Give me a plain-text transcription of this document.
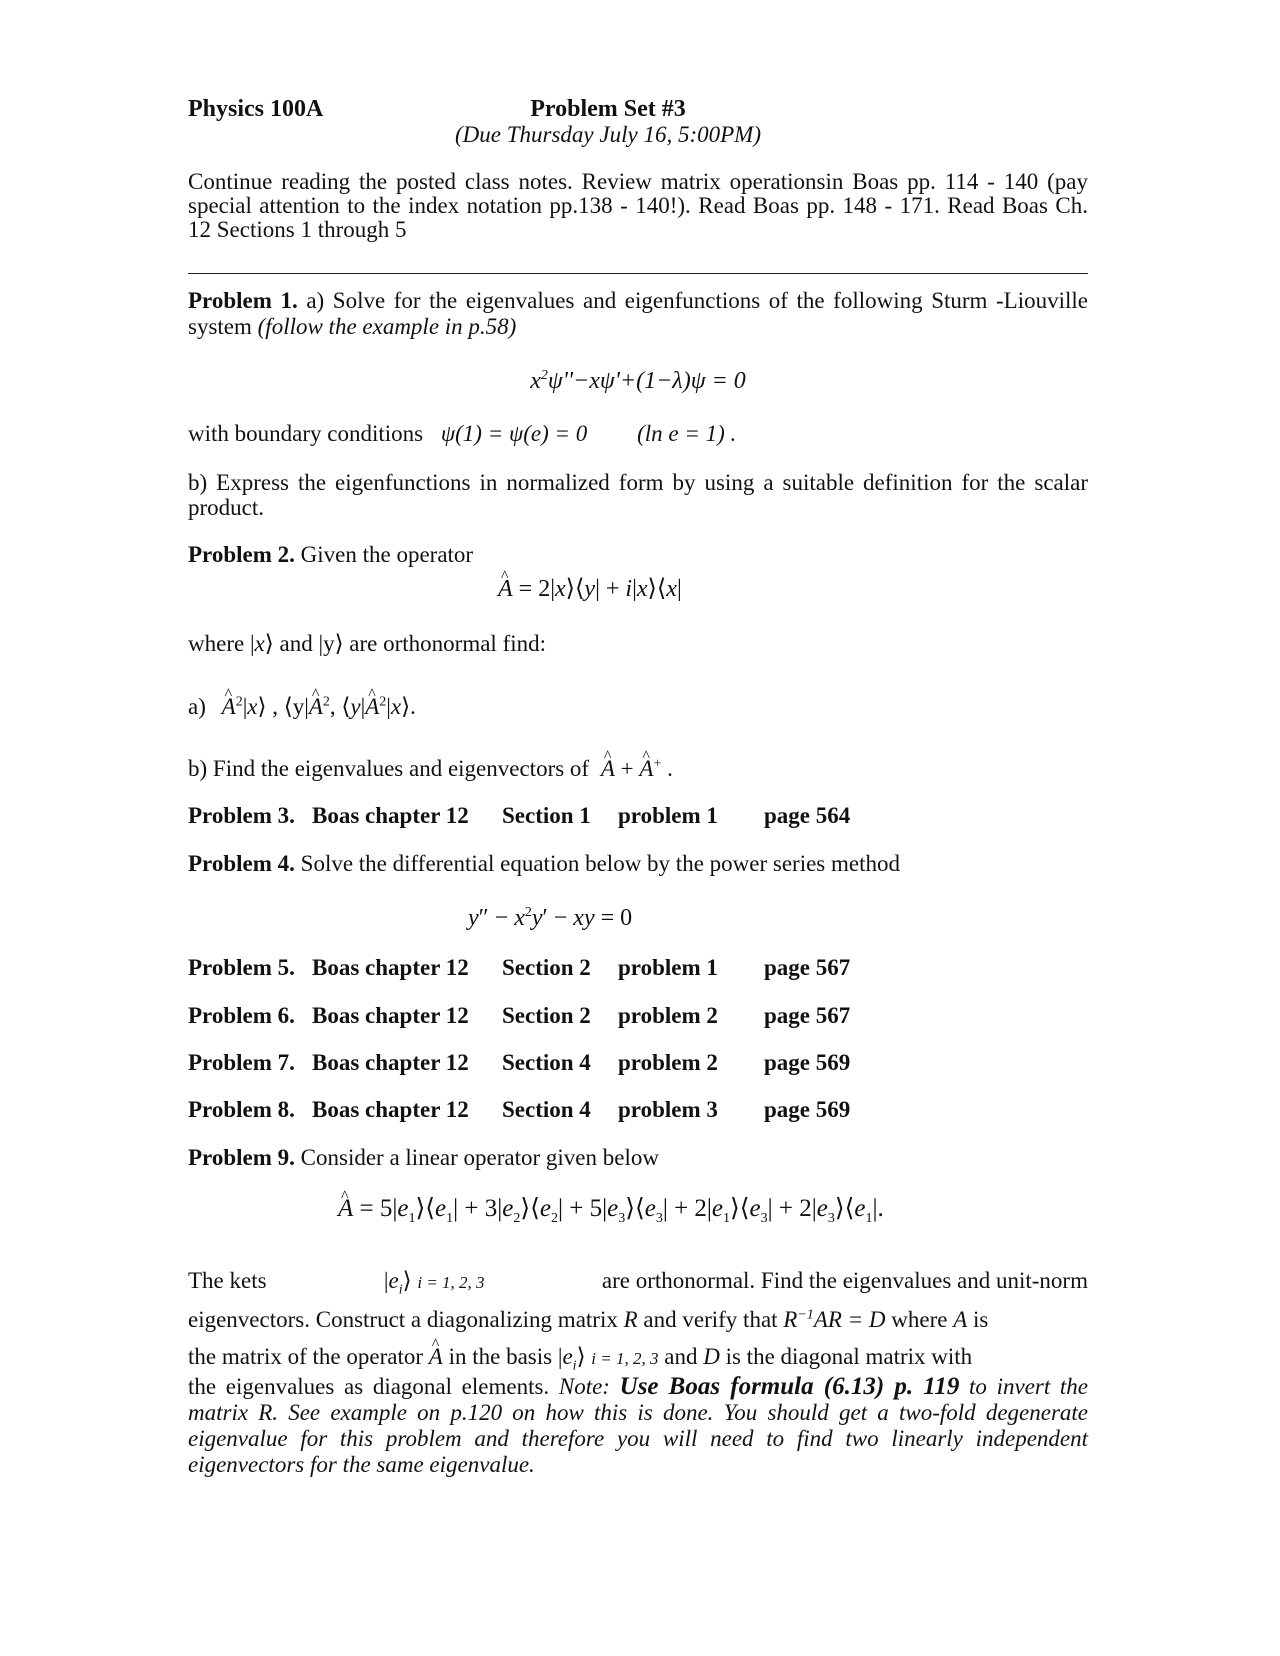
Physics 100A	Problem Set #3
(Due Thursday July 16, 5:00PM)
Continue reading the posted class notes. Review matrix operationsin Boas pp. 114 - 140 (pay special attention to the index notation pp.138 - 140!). Read Boas pp. 148 - 171. Read Boas Ch. 12 Sections 1 through 5
Problem 1. a) Solve for the eigenvalues and eigenfunctions of the following Sturm -Liouville system (follow the example in p.58)
$x^2\psi''-x\psi'+(1-\lambda)\psi = 0$
with boundary conditions ψ(1) = ψ(e) = 0 (ln e = 1) .
b) Express the eigenfunctions in normalized form by using a suitable definition for the scalar product.
Problem 2. Given the operator
^ A = 2|x⟩⟨y| + i|x⟩⟨x|
where |x⟩ and |y⟩ are orthonormal find:
a) ^ $A^2|x⟩$ , ⟨y|^ $A^2$, ⟨y|^ $A^2|x⟩$.
b) Find the eigenvalues and eigenvectors of ^ A + ^ A+ .
Problem 3. Boas chapter 12 Section 1 problem 1 page 564
Problem 4. Solve the differential equation below by the power series method
$y'' - x^2y'$ − xy = 0
Problem 5. Boas chapter 12 Section 2 problem 1 page 567
Problem 6. Boas chapter 12 Section 2 problem 2 page 567
Problem 7. Boas chapter 12 Section 4 problem 2 page 569
Problem 8. Boas chapter 12 Section 4 problem 3 page 569
Problem 9. Consider a linear operator given below
^ $A = 5|e_1⟩⟨e_1|$ + $3|e_2⟩⟨e_2|$ + $5|e_3⟩⟨e_3|$ + $2|e_1⟩⟨e_3|$ + $2|e_3⟩⟨e_1|$.
The kets	$|e_i⟩$ i = 1, 2, 3	are orthonormal. Find the eigenvalues and unit-norm
eigenvectors. Construct a diagonalizing matrix R and verify that $R^{-1}AR = D$ where A is
the matrix of the operator ^ A in the basis $|e_i⟩$ i = 1, 2, 3 and D is the diagonal matrix with
the eigenvalues as diagonal elements. Note: Use Boas formula (6.13) p. 119 to invert the matrix R. See example on p.120 on how this is done. You should get a two-fold degenerate eigenvalue for this problem and therefore you will need to find two linearly independent eigenvectors for the same eigenvalue.
